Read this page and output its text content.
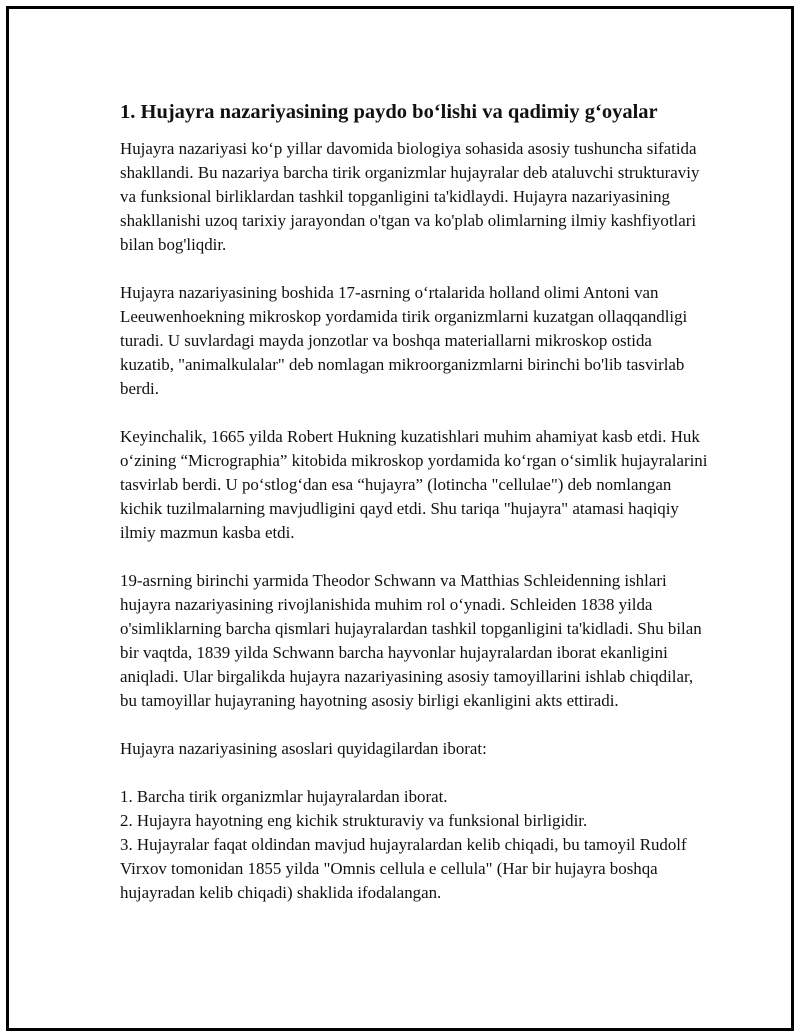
1. Hujayra nazariyasining paydo boʻlishi va qadimiy gʻoyalar

Hujayra nazariyasi koʻp yillar davomida biologiya sohasida asosiy tushuncha sifatida shakllandi. Bu nazariya barcha tirik organizmlar hujayralar deb ataluvchi strukturaviy va funksional birliklardan tashkil topganligini ta'kidlaydi. Hujayra nazariyasining shakllanishi uzoq tarixiy jarayondan o'tgan va ko'plab olimlarning ilmiy kashfiyotlari bilan bog'liqdir.

Hujayra nazariyasining boshida 17-asrning oʻrtalarida holland olimi Antoni van Leeuwenhoekning mikroskop yordamida tirik organizmlarni kuzatgan ollaqqandligi turadi. U suvlardagi mayda jonzotlar va boshqa materiallarni mikroskop ostida kuzatib, "animalkulalar" deb nomlagan mikroorganizmlarni birinchi bo'lib tasvirlab berdi.

Keyinchalik, 1665 yilda Robert Hukning kuzatishlari muhim ahamiyat kasb etdi. Huk oʻzining “Micrographia” kitobida mikroskop yordamida koʻrgan oʻsimlik hujayralarini tasvirlab berdi. U poʻstlogʻdan esa “hujayra” (lotincha "cellulae") deb nomlangan kichik tuzilmalarning mavjudligini qayd etdi. Shu tariqa "hujayra" atamasi haqiqiy ilmiy mazmun kasba etdi.

19-asrning birinchi yarmida Theodor Schwann va Matthias Schleidenning ishlari hujayra nazariyasining rivojlanishida muhim rol oʻynadi. Schleiden 1838 yilda o'simliklarning barcha qismlari hujayralardan tashkil topganligini ta'kidladi. Shu bilan bir vaqtda, 1839 yilda Schwann barcha hayvonlar hujayralardan iborat ekanligini aniqladi. Ular birgalikda hujayra nazariyasining asosiy tamoyillarini ishlab chiqdilar, bu tamoyillar hujayraning hayotning asosiy birligi ekanligini akts ettiradi.

Hujayra nazariyasining asoslari quyidagilardan iborat:

1. Barcha tirik organizmlar hujayralardan iborat.
2. Hujayra hayotning eng kichik strukturaviy va funksional birligidir.
3. Hujayralar faqat oldindan mavjud hujayralardan kelib chiqadi, bu tamoyil Rudolf Virxov tomonidan 1855 yilda "Omnis cellula e cellula" (Har bir hujayra boshqa hujayradan kelib chiqadi) shaklida ifodalangan.
